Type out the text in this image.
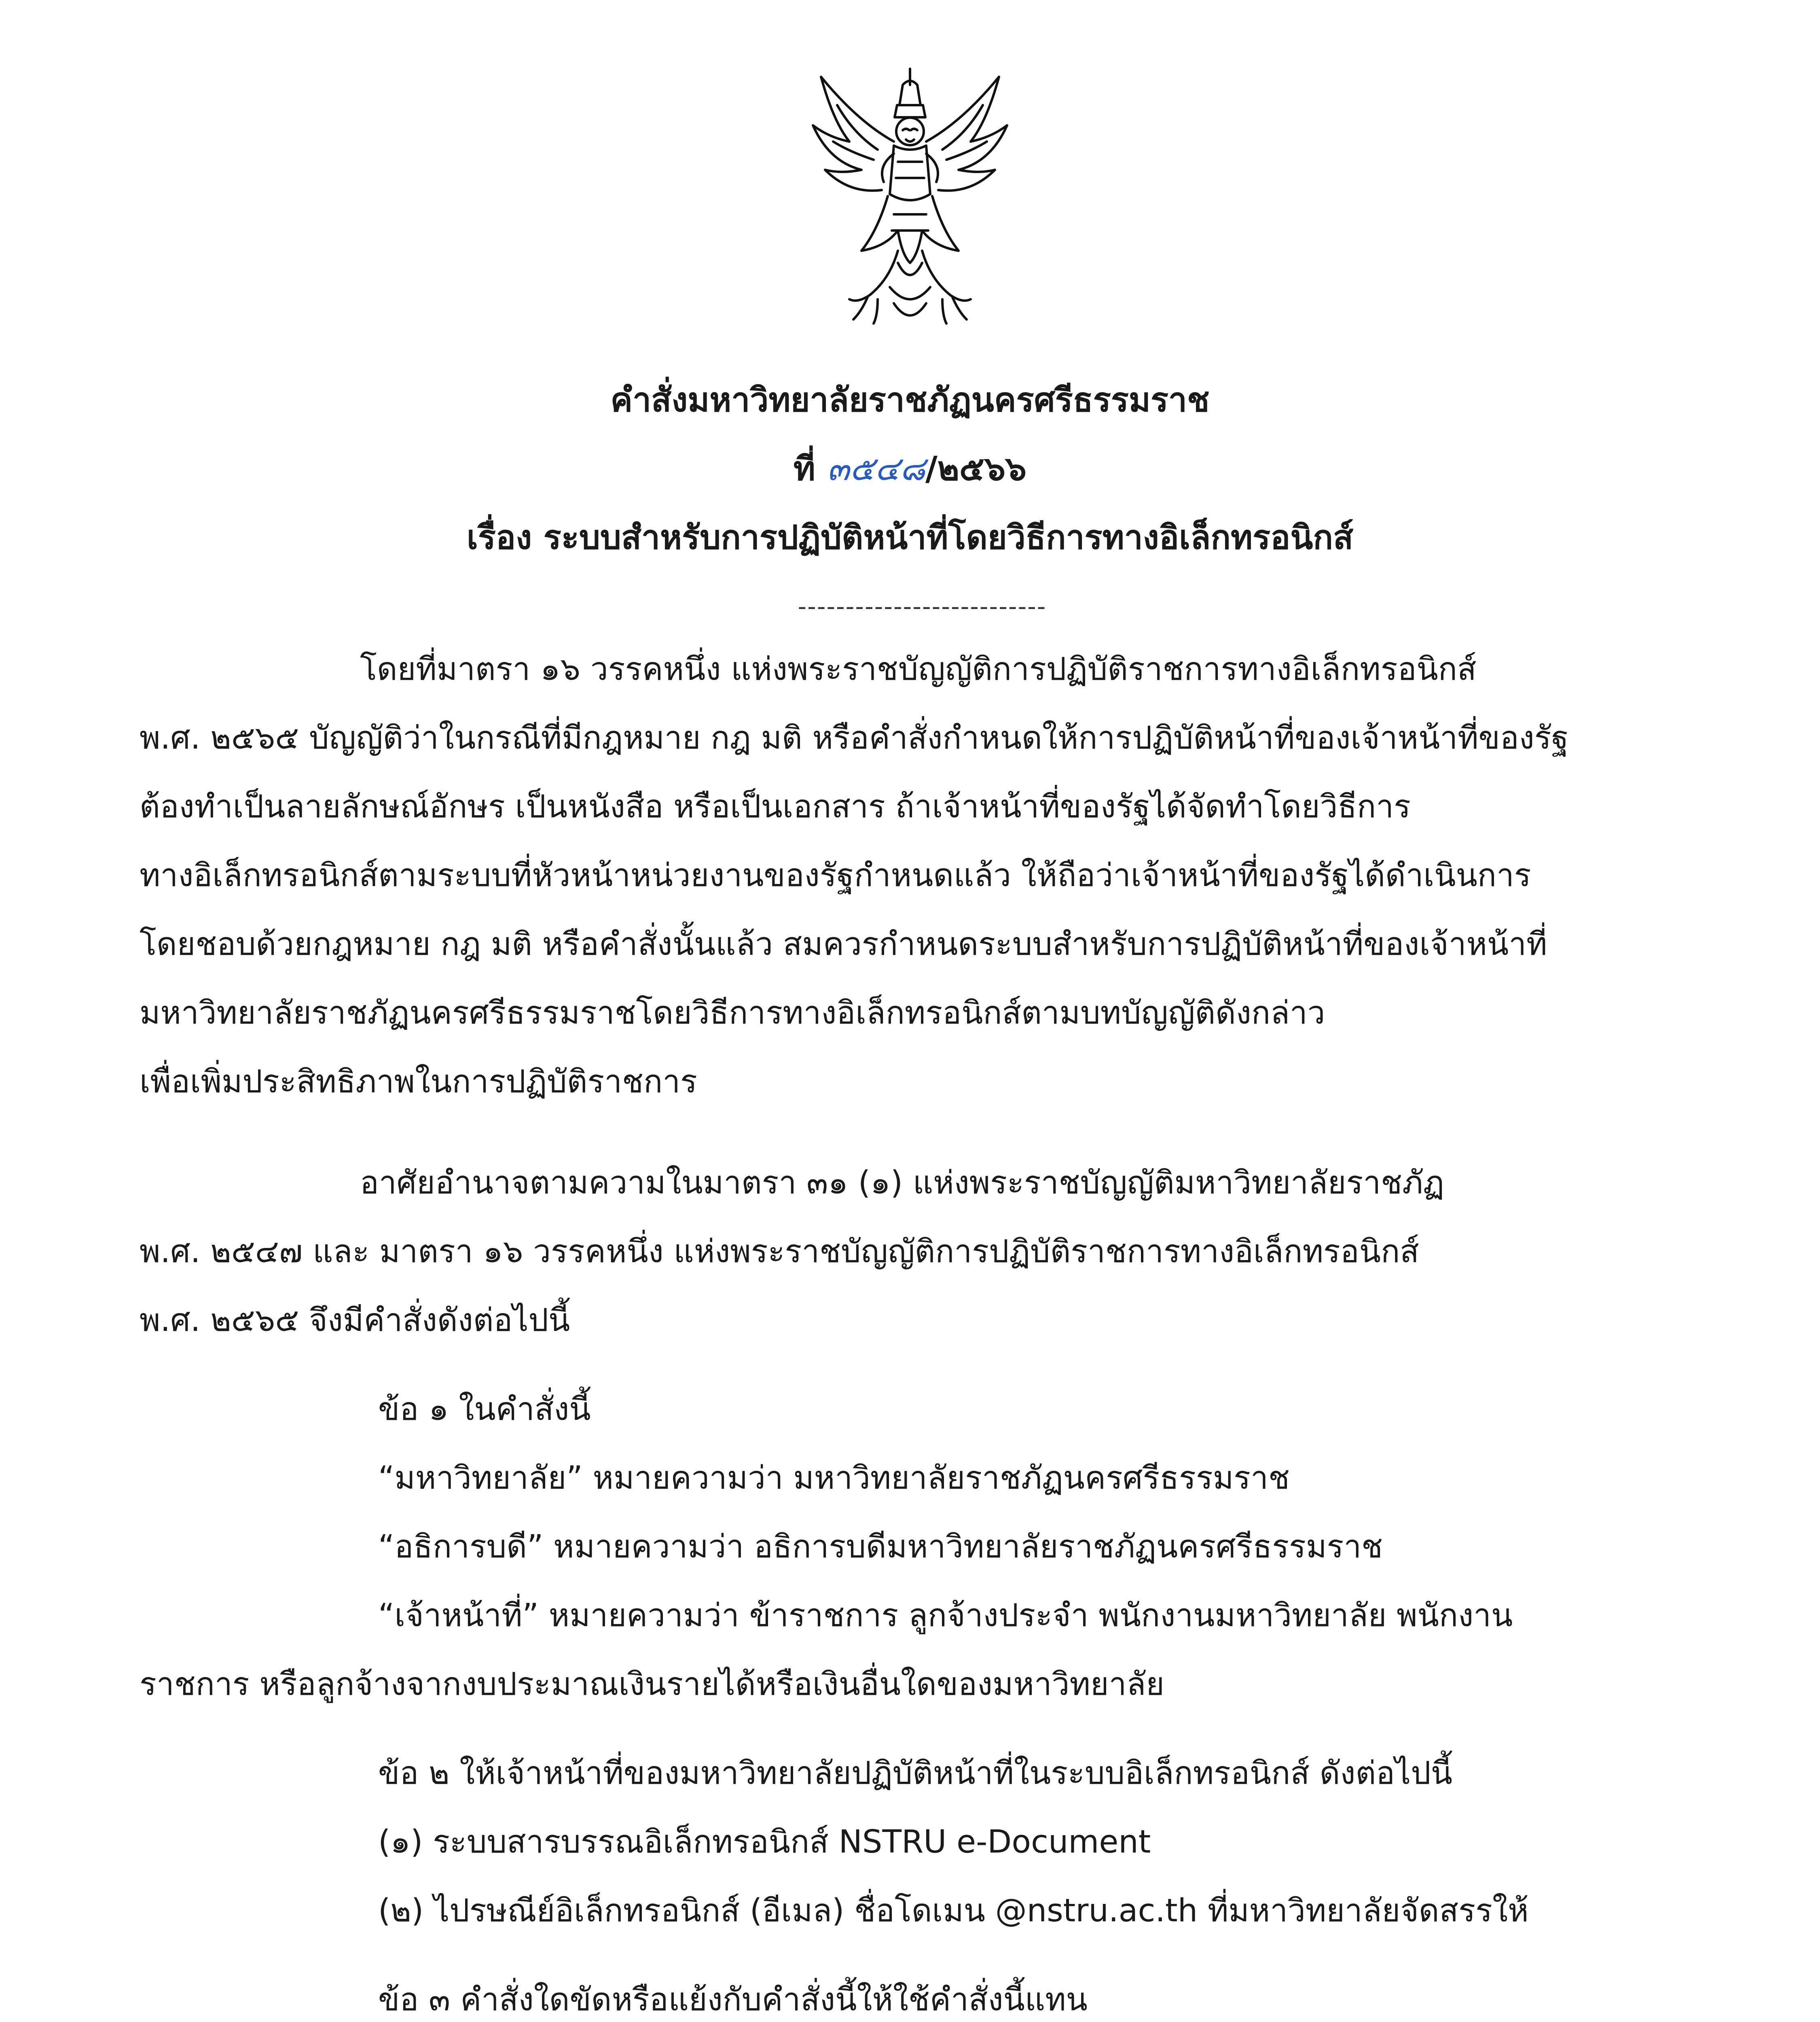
คำสั่งมหาวิทยาลัยราชภัฏนครศรีธรรมราช
ที่ ๓๕๔๘/๒๕๖๖
เรื่อง ระบบสำหรับการปฏิบัติหน้าที่โดยวิธีการทางอิเล็กทรอนิกส์
--------------------------
โดยที่มาตรา ๑๖ วรรคหนึ่ง แห่งพระราชบัญญัติการปฏิบัติราชการทางอิเล็กทรอนิกส์
พ.ศ. ๒๕๖๕ บัญญัติว่าในกรณีที่มีกฎหมาย กฎ มติ หรือคำสั่งกำหนดให้การปฏิบัติหน้าที่ของเจ้าหน้าที่ของรัฐ
ต้องทำเป็นลายลักษณ์อักษร เป็นหนังสือ หรือเป็นเอกสาร ถ้าเจ้าหน้าที่ของรัฐได้จัดทำโดยวิธีการ
ทางอิเล็กทรอนิกส์ตามระบบที่หัวหน้าหน่วยงานของรัฐกำหนดแล้ว ให้ถือว่าเจ้าหน้าที่ของรัฐได้ดำเนินการ
โดยชอบด้วยกฎหมาย กฎ มติ หรือคำสั่งนั้นแล้ว สมควรกำหนดระบบสำหรับการปฏิบัติหน้าที่ของเจ้าหน้าที่
มหาวิทยาลัยราชภัฏนครศรีธรรมราชโดยวิธีการทางอิเล็กทรอนิกส์ตามบทบัญญัติดังกล่าว
เพื่อเพิ่มประสิทธิภาพในการปฏิบัติราชการ
อาศัยอำนาจตามความในมาตรา ๓๑ (๑) แห่งพระราชบัญญัติมหาวิทยาลัยราชภัฏ
พ.ศ. ๒๕๔๗ และ มาตรา ๑๖ วรรคหนึ่ง แห่งพระราชบัญญัติการปฏิบัติราชการทางอิเล็กทรอนิกส์
พ.ศ. ๒๕๖๕ จึงมีคำสั่งดังต่อไปนี้
ข้อ ๑ ในคำสั่งนี้
“มหาวิทยาลัย” หมายความว่า มหาวิทยาลัยราชภัฏนครศรีธรรมราช
“อธิการบดี” หมายความว่า อธิการบดีมหาวิทยาลัยราชภัฏนครศรีธรรมราช
“เจ้าหน้าที่” หมายความว่า ข้าราชการ ลูกจ้างประจำ พนักงานมหาวิทยาลัย พนักงาน
ราชการ หรือลูกจ้างจากงบประมาณเงินรายได้หรือเงินอื่นใดของมหาวิทยาลัย
ข้อ ๒ ให้เจ้าหน้าที่ของมหาวิทยาลัยปฏิบัติหน้าที่ในระบบอิเล็กทรอนิกส์ ดังต่อไปนี้
(๑) ระบบสารบรรณอิเล็กทรอนิกส์ NSTRU e-Document
(๒) ไปรษณีย์อิเล็กทรอนิกส์ (อีเมล) ชื่อโดเมน @nstru.ac.th ที่มหาวิทยาลัยจัดสรรให้
ข้อ ๓ คำสั่งใดขัดหรือแย้งกับคำสั่งนี้ให้ใช้คำสั่งนี้แทน
